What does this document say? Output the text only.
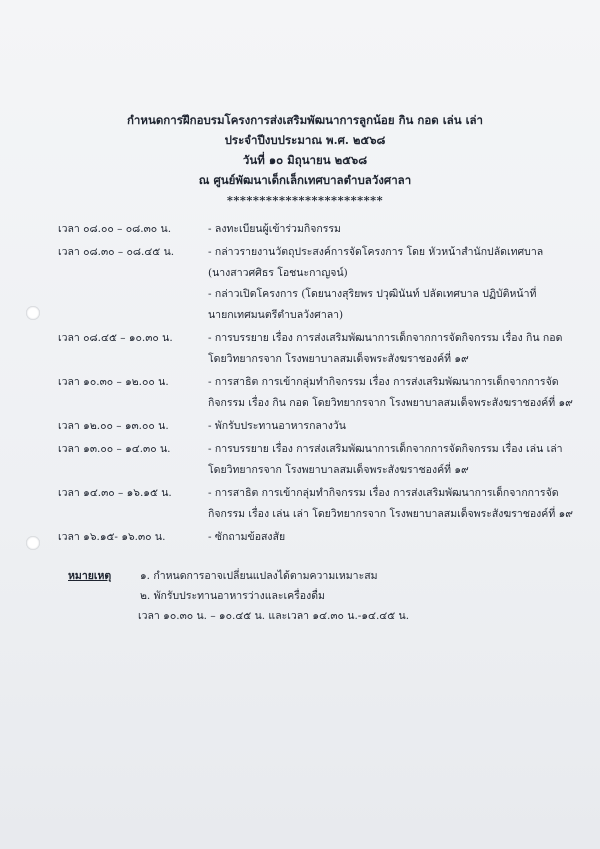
กำหนดการฝึกอบรมโครงการส่งเสริมพัฒนาการลูกน้อย กิน กอด เล่น เล่า
ประจำปีงบประมาณ พ.ศ. ๒๕๖๘
วันที่ ๑๐ มิถุนายน ๒๕๖๘
ณ ศูนย์พัฒนาเด็กเล็กเทศบาลตำบลวังศาลา
************************
เวลา ๐๘.๐๐ – ๐๘.๓๐ น.	- ลงทะเบียนผู้เข้าร่วมกิจกรรม
เวลา ๐๘.๓๐ – ๐๘.๔๕ น.	- กล่าวรายงานวัตถุประสงค์การจัดโครงการ โดย หัวหน้าสำนักปลัดเทศบาล
(นางสาวศศิธร โอชนะกาญจน์)
- กล่าวเปิดโครงการ (โดยนางสุริยพร ปวุฒินันท์ ปลัดเทศบาล ปฏิบัติหน้าที่
นายกเทศมนตรีตำบลวังศาลา)
เวลา ๐๘.๔๕ – ๑๐.๓๐ น.	- การบรรยาย เรื่อง การส่งเสริมพัฒนาการเด็กจากการจัดกิจกรรม เรื่อง กิน กอด
โดยวิทยากรจาก โรงพยาบาลสมเด็จพระสังฆราชองค์ที่ ๑๙
เวลา ๑๐.๓๐ – ๑๒.๐๐ น.	- การสาธิต การเข้ากลุ่มทำกิจกรรม เรื่อง การส่งเสริมพัฒนาการเด็กจากการจัด
กิจกรรม เรื่อง กิน กอด โดยวิทยากรจาก โรงพยาบาลสมเด็จพระสังฆราชองค์ที่ ๑๙
เวลา ๑๒.๐๐ – ๑๓.๐๐ น.	- พักรับประทานอาหารกลางวัน
เวลา ๑๓.๐๐ – ๑๔.๓๐ น.	- การบรรยาย เรื่อง การส่งเสริมพัฒนาการเด็กจากการจัดกิจกรรม เรื่อง เล่น เล่า
โดยวิทยากรจาก โรงพยาบาลสมเด็จพระสังฆราชองค์ที่ ๑๙
เวลา ๑๔.๓๐ – ๑๖.๑๕ น.	- การสาธิต การเข้ากลุ่มทำกิจกรรม เรื่อง การส่งเสริมพัฒนาการเด็กจากการจัด
กิจกรรม เรื่อง เล่น เล่า โดยวิทยากรจาก โรงพยาบาลสมเด็จพระสังฆราชองค์ที่ ๑๙
เวลา ๑๖.๑๕- ๑๖.๓๐ น.	- ซักถามข้อสงสัย
หมายเหตุ	๑. กำหนดการอาจเปลี่ยนแปลงได้ตามความเหมาะสม
๒. พักรับประทานอาหารว่างและเครื่องดื่ม
เวลา ๑๐.๓๐ น. – ๑๐.๔๕ น. และเวลา ๑๔.๓๐ น.-๑๔.๔๕ น.
